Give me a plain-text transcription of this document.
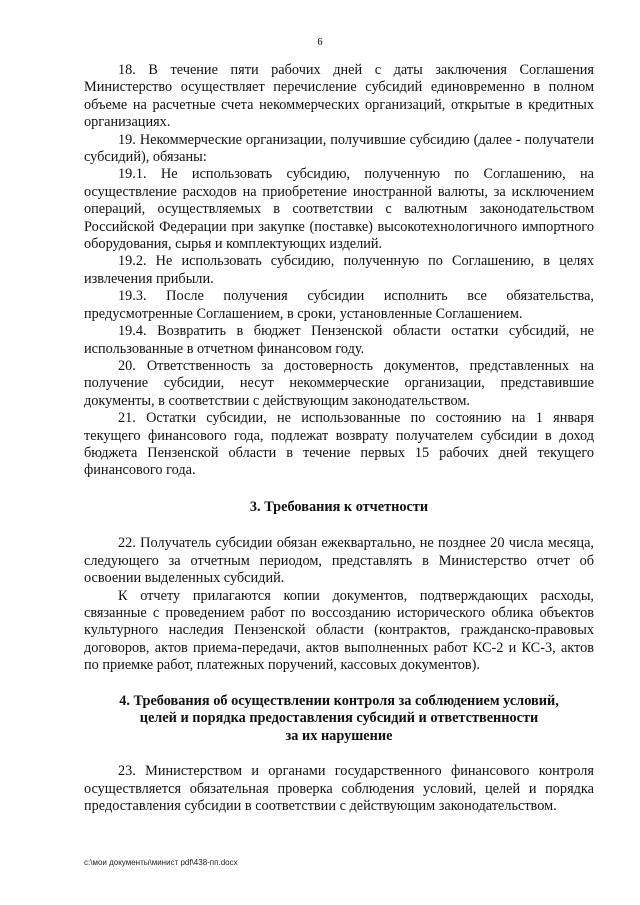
6

18. В течение пяти рабочих дней с даты заключения Соглашения Министерство осуществляет перечисление субсидий единовременно в полном объеме на расчетные счета некоммерческих организаций, открытые в кредитных организациях.

19. Некоммерческие организации, получившие субсидию (далее - получатели субсидий), обязаны:

19.1. Не использовать субсидию, полученную по Соглашению, на осуществление расходов на приобретение иностранной валюты, за исключением операций, осуществляемых в соответствии с валютным законодательством Российской Федерации при закупке (поставке) высокотехнологичного импортного оборудования, сырья и комплектующих изделий.

19.2. Не использовать субсидию, полученную по Соглашению, в целях извлечения прибыли.

19.3. После получения субсидии исполнить все обязательства, предусмотренные Соглашением, в сроки, установленные Соглашением.

19.4. Возвратить в бюджет Пензенской области остатки субсидий, не использованные в отчетном финансовом году.

20. Ответственность за достоверность документов, представленных на получение субсидии, несут некоммерческие организации, представившие документы, в соответствии с действующим законодательством.

21. Остатки субсидии, не использованные по состоянию на 1 января текущего финансового года, подлежат возврату получателем субсидии в доход бюджета Пензенской области в течение первых 15 рабочих дней текущего финансового года.

3. Требования к отчетности

22. Получатель субсидии обязан ежеквартально, не позднее 20 числа месяца, следующего за отчетным периодом, представлять в Министерство отчет об освоении выделенных субсидий.

К отчету прилагаются копии документов, подтверждающих расходы, связанные с проведением работ по воссозданию исторического облика объектов культурного наследия Пензенской области (контрактов, гражданско-правовых договоров, актов приема-передачи, актов выполненных работ КС-2 и КС-3, актов по приемке работ, платежных поручений, кассовых документов).

4. Требования об осуществлении контроля за соблюдением условий,
целей и порядка предоставления субсидий и ответственности
за их нарушение

23. Министерством и органами государственного финансового контроля осуществляется обязательная проверка соблюдения условий, целей и порядка предоставления субсидии в соответствии с действующим законодательством.

c:\мои документы\минист pdf\438-пп.docx
